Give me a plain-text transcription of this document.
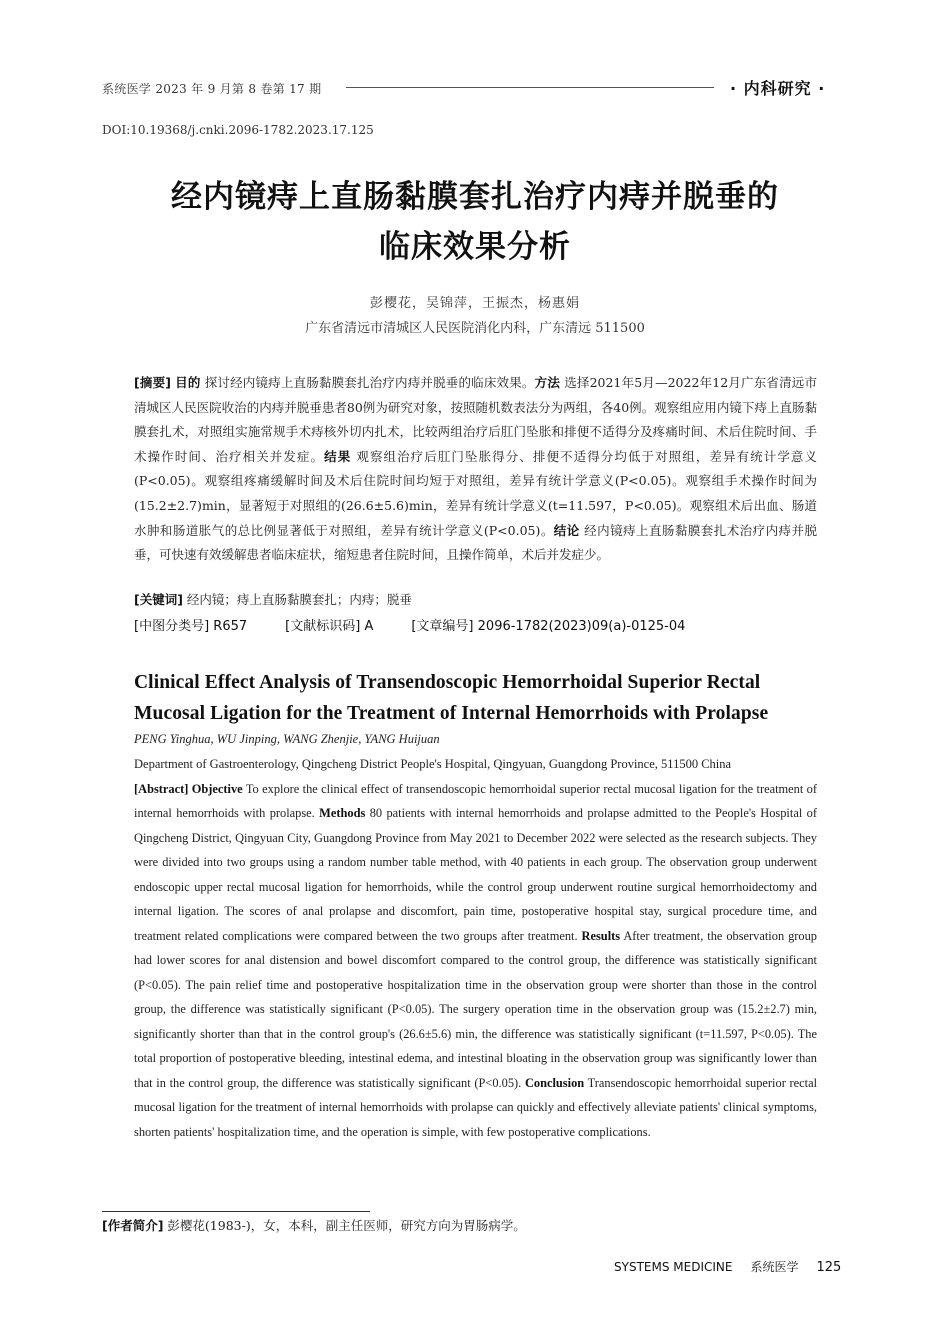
系统医学 2023 年 9 月第 8 卷第 17 期	· 内科研究 ·
DOI:10.19368/j.cnki.2096-1782.2023.17.125
经内镜痔上直肠黏膜套扎治疗内痔并脱垂的
临床效果分析
彭樱花，吴锦萍，王振杰，杨惠娟
广东省清远市清城区人民医院消化内科，广东清远 511500
[摘要] 目的 探讨经内镜痔上直肠黏膜套扎治疗内痔并脱垂的临床效果。方法 选择2021年5月—2022年12月广东省清远市清城区人民医院收治的内痔并脱垂患者80例为研究对象，按照随机数表法分为两组，各40例。观察组应用内镜下痔上直肠黏膜套扎术，对照组实施常规手术痔核外切内扎术，比较两组治疗后肛门坠胀和排便不适得分及疼痛时间、术后住院时间、手术操作时间、治疗相关并发症。结果 观察组治疗后肛门坠胀得分、排便不适得分均低于对照组，差异有统计学意义(P<0.05)。观察组疼痛缓解时间及术后住院时间均短于对照组，差异有统计学意义(P<0.05)。观察组手术操作时间为(15.2±2.7)min，显著短于对照组的(26.6±5.6)min，差异有统计学意义(t=11.597，P<0.05)。观察组术后出血、肠道水肿和肠道胀气的总比例显著低于对照组，差异有统计学意义(P<0.05)。结论 经内镜痔上直肠黏膜套扎术治疗内痔并脱垂，可快速有效缓解患者临床症状，缩短患者住院时间，且操作简单，术后并发症少。
[关键词] 经内镜；痔上直肠黏膜套扎；内痔；脱垂
[中图分类号] R657	[文献标识码] A	[文章编号] 2096-1782(2023)09(a)-0125-04
Clinical Effect Analysis of Transendoscopic Hemorrhoidal Superior Rectal
Mucosal Ligation for the Treatment of Internal Hemorrhoids with Prolapse
PENG Yinghua, WU Jinping, WANG Zhenjie, YANG Huijuan
Department of Gastroenterology, Qingcheng District People's Hospital, Qingyuan, Guangdong Province, 511500 China
[Abstract] Objective To explore the clinical effect of transendoscopic hemorrhoidal superior rectal mucosal ligation for the treatment of internal hemorrhoids with prolapse. Methods 80 patients with internal hemorrhoids and prolapse admitted to the People's Hospital of Qingcheng District, Qingyuan City, Guangdong Province from May 2021 to December 2022 were selected as the research subjects. They were divided into two groups using a random number table method, with 40 patients in each group. The observation group underwent endoscopic upper rectal mucosal ligation for hemorrhoids, while the control group underwent routine surgical hemorrhoidectomy and internal ligation. The scores of anal prolapse and discomfort, pain time, postoperative hospital stay, surgical procedure time, and treatment related complications were compared between the two groups after treatment. Results After treatment, the observation group had lower scores for anal distension and bowel discomfort compared to the control group, the difference was statistically significant (P<0.05). The pain relief time and postoperative hospitalization time in the observation group were shorter than those in the control group, the difference was statistically significant (P<0.05). The surgery operation time in the observation group was (15.2±2.7) min, significantly shorter than that in the control group's (26.6±5.6) min, the difference was statistically significant (t=11.597, P<0.05). The total proportion of postoperative bleeding, intestinal edema, and intestinal bloating in the observation group was significantly lower than that in the control group, the difference was statistically significant (P<0.05). Conclusion Transendoscopic hemorrhoidal superior rectal mucosal ligation for the treatment of internal hemorrhoids with prolapse can quickly and effectively alleviate patients' clinical symptoms, shorten patients' hospitalization time, and the operation is simple, with few postoperative complications.
[作者简介] 彭樱花(1983-)，女，本科，副主任医师，研究方向为胃肠病学。
SYSTEMS MEDICINE 系统医学 125
